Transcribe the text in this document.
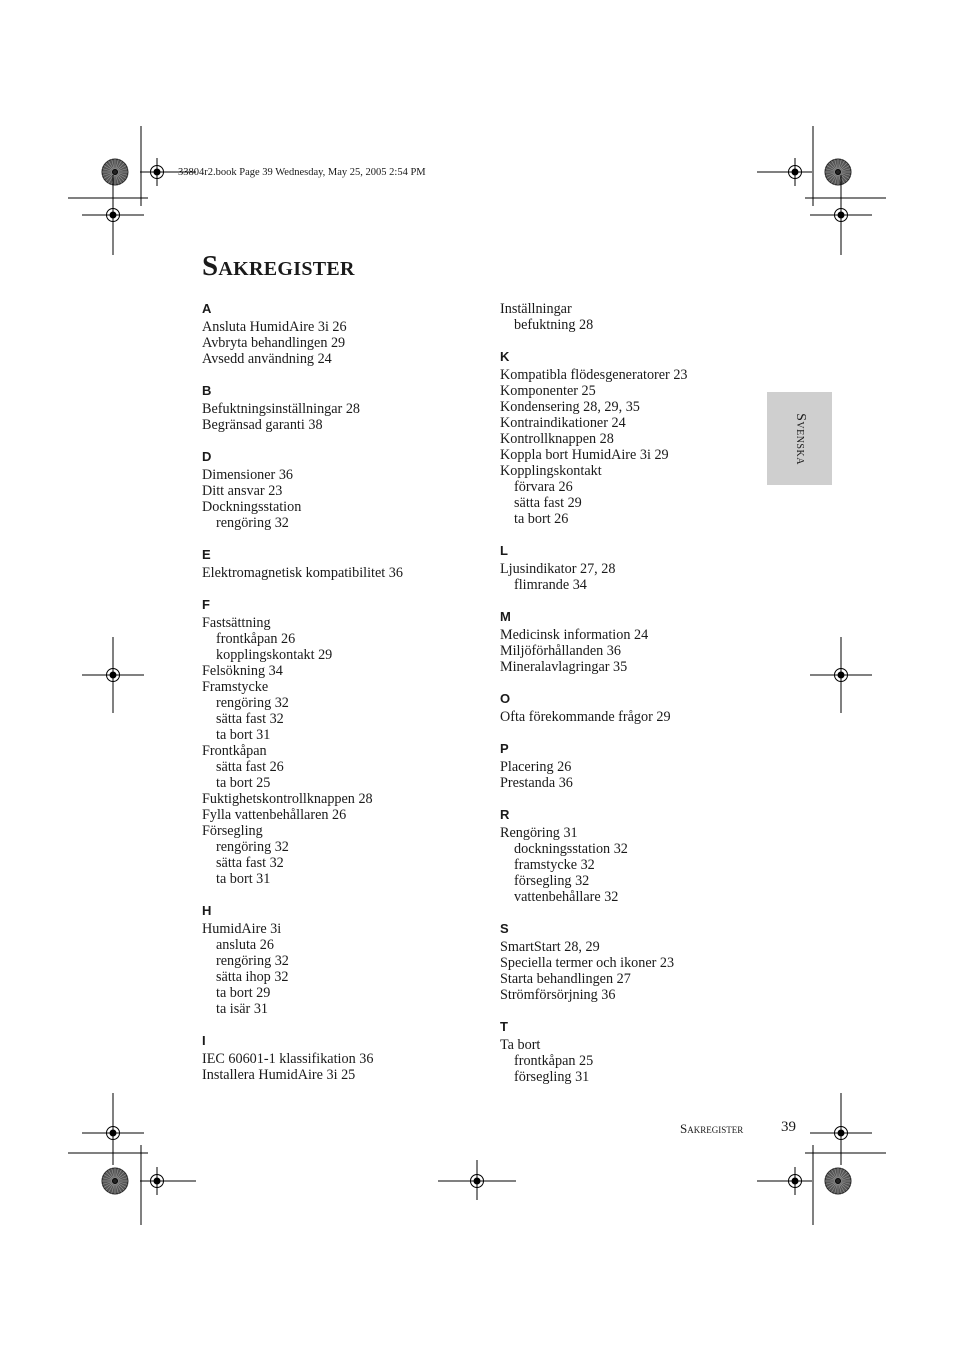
33804r2.book Page 39 Wednesday, May 25, 2005 2:54 PM
Sakregister
A
Ansluta HumidAire 3i 26
Avbryta behandlingen 29
Avsedd användning 24
B
Befuktningsinställningar 28
Begränsad garanti 38
D
Dimensioner 36
Ditt ansvar 23
Dockningsstation
rengöring 32
E
Elektromagnetisk kompatibilitet 36
F
Fastsättning
frontkåpan 26
kopplingskontakt 29
Felsökning 34
Framstycke
rengöring 32
sätta fast 32
ta bort 31
Frontkåpan
sätta fast 26
ta bort 25
Fuktighetskontrollknappen 28
Fylla vattenbehållaren 26
Försegling
rengöring 32
sätta fast 32
ta bort 31
H
HumidAire 3i
ansluta 26
rengöring 32
sätta ihop 32
ta bort 29
ta isär 31
I
IEC 60601-1 klassifikation 36
Installera HumidAire 3i 25
Inställningar
befuktning 28
K
Kompatibla flödesgeneratorer 23
Komponenter 25
Kondensering 28, 29, 35
Kontraindikationer 24
Kontrollknappen 28
Koppla bort HumidAire 3i 29
Kopplingskontakt
förvara 26
sätta fast 29
ta bort 26
L
Ljusindikator 27, 28
flimrande 34
M
Medicinsk information 24
Miljöförhållanden 36
Mineralavlagringar 35
O
Ofta förekommande frågor 29
P
Placering 26
Prestanda 36
R
Rengöring 31
dockningsstation 32
framstycke 32
försegling 32
vattenbehållare 32
S
SmartStart 28, 29
Speciella termer och ikoner 23
Starta behandlingen 27
Strömförsörjning 36
T
Ta bort
frontkåpan 25
försegling 31
Svenska
Sakregister	39
